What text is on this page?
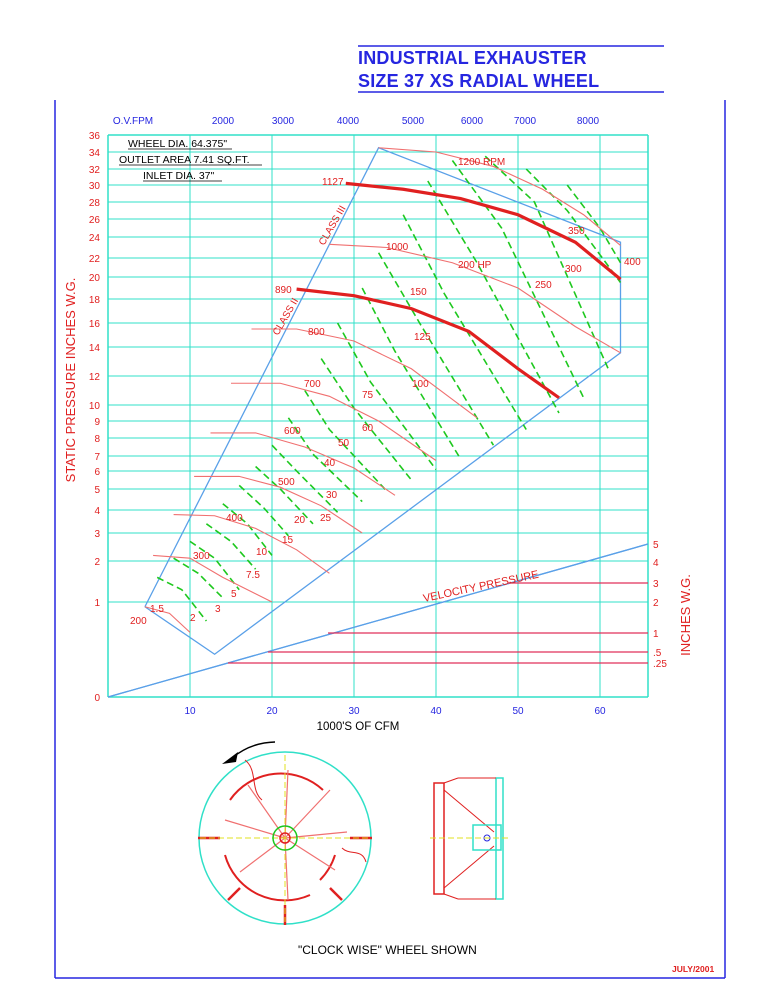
INDUSTRIAL EXHAUSTER
SIZE 37 XS RADIAL WHEEL
5
4
3
2
1
.5
.25
VELOCITY PRESSURE
0
1
2
3
4
5
6
7
8
9
10
12
14
16
18
20
22
24
26
28
30
32
34
36
10	20	30	40	50	60
1000'S OF CFM
STATIC PRESSURE INCHES W.G.
O.V.FPM	2000	3000	4000	5000	6000	7000	8000
INCHES W.G.
CLASS II
CLASS III
200
300
400
500
600
700
800
1000
1200 RPM
890
1127
1.5
2
3
5
7.5
10
15
20 25
30
40
50
60
75
100
125
150
200 HP
250
300
350
400
WHEEL DIA. 64.375"
OUTLET AREA 7.41 SQ.FT.
INLET DIA. 37"
"CLOCK WISE" WHEEL SHOWN
JULY/2001
